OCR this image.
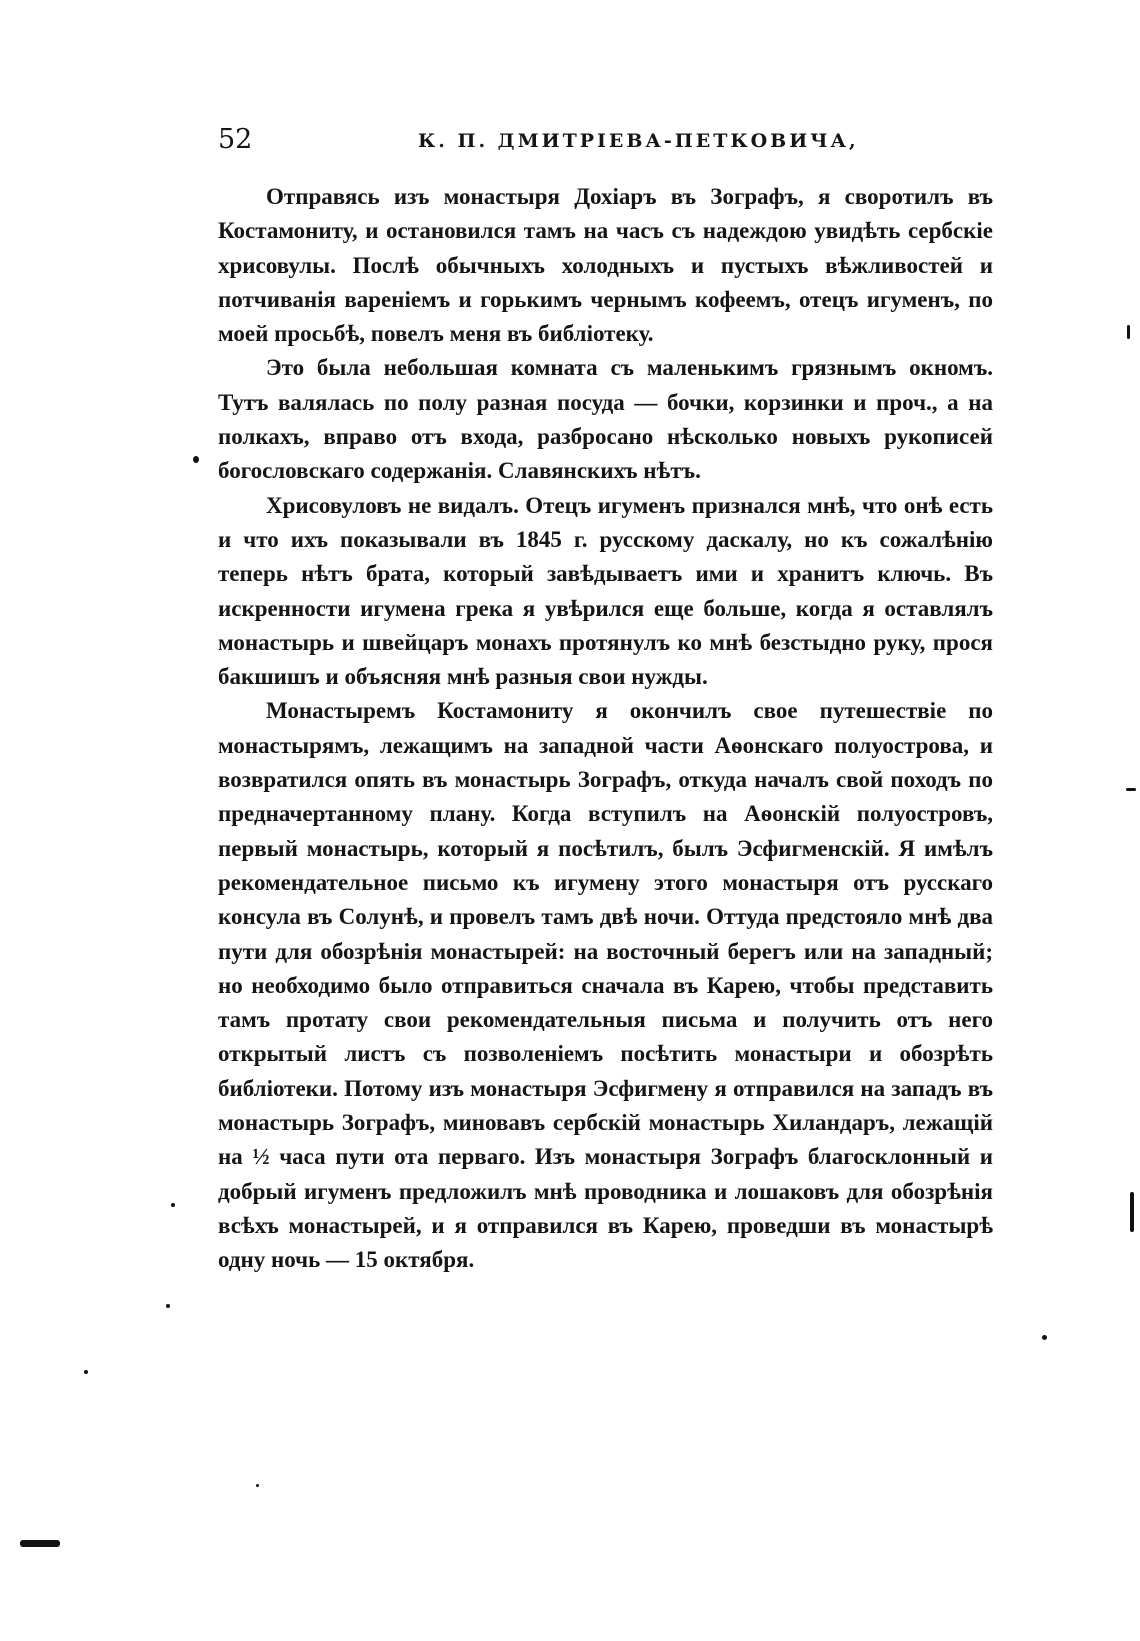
52	К. П. ДМИТРІЕВА-ПЕТКОВИЧА,

Отправясь изъ монастыря Дохіаръ въ Зографъ, я своротилъ въ Костамониту, и остановился тамъ на часъ съ надеждою увидѣть сербскіе хрисовулы. Послѣ обычныхъ холодныхъ и пустыхъ вѣжливостей и потчиванія вареніемъ и горькимъ чернымъ кофеемъ, отецъ игуменъ, по моей просьбѣ, повелъ меня въ библіотеку.

Это была небольшая комната съ маленькимъ грязнымъ окномъ. Тутъ валялась по полу разная посуда — бочки, корзинки и проч., а на полкахъ, вправо отъ входа, разбросано нѣсколько новыхъ рукописей богословскаго содержанія. Славянскихъ нѣтъ.

Хрисовуловъ не видалъ. Отецъ игуменъ признался мнѣ, что онѣ есть и что ихъ показывали въ 1845 г. русскому даскалу, но къ сожалѣнію теперь нѣтъ брата, который завѣдываетъ ими и хранитъ ключь. Въ искренности игумена грека я увѣрился еще больше, когда я оставлялъ монастырь и швейцаръ монахъ протянулъ ко мнѣ безстыдно руку, прося бакшишъ и объясняя мнѣ разныя свои нужды.

Монастыремъ Костамониту я окончилъ свое путешествіе по монастырямъ, лежащимъ на западной части Аѳонскаго полуострова, и возвратился опять въ монастырь Зографъ, откуда началъ свой походъ по предначертанному плану. Когда вступилъ на Аѳонскій полуостровъ, первый монастырь, который я посѣтилъ, былъ Эсфигменскій. Я имѣлъ рекомендательное письмо къ игумену этого монастыря отъ русскаго консула въ Солунѣ, и провелъ тамъ двѣ ночи. Оттуда предстояло мнѣ два пути для обозрѣнія монастырей: на восточный берегъ или на западный; но необходимо было отправиться сначала въ Карею, чтобы представить тамъ протату свои рекомендательныя письма и получить отъ него открытый листъ съ позволеніемъ посѣтить монастыри и обозрѣть библіотеки. Потому изъ монастыря Эсфигмену я отправился на западъ въ монастырь Зографъ, миновавъ сербскій монастырь Хиландаръ, лежащій на ½ часа пути ота перваго. Изъ монастыря Зографъ благосклонный и добрый игуменъ предложилъ мнѣ проводника и лошаковъ для обозрѣнія всѣхъ монастырей, и я отправился въ Карею, проведши въ монастырѣ одну ночь — 15 октября.
